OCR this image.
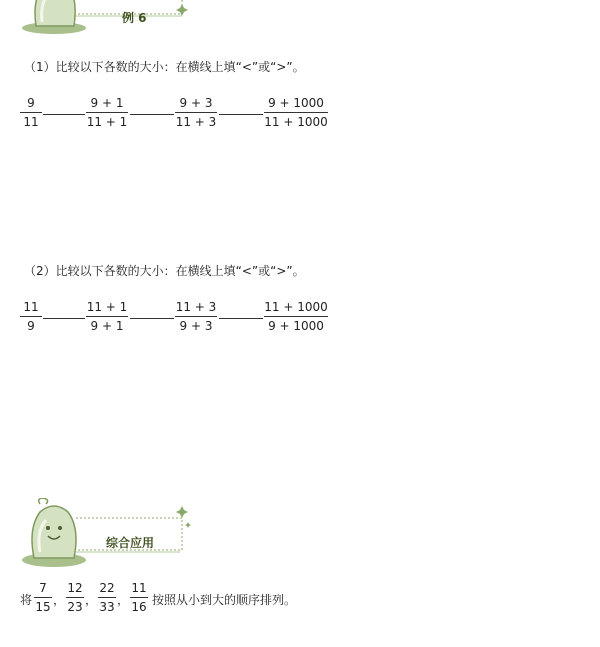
例 6
（1）比较以下各数的大小：在横线上填“<”或“>”。
9
11
9 + 1
11 + 1
9 + 3
11 + 3
9 + 1000
11 + 1000
（2）比较以下各数的大小：在横线上填“<”或“>”。
11
9
11 + 1
9 + 1
11 + 3
9 + 3
11 + 1000
9 + 1000
综合应用
将
7
15 ，
12
23 ，
22
33 ，
11
16 按照从小到大的顺序排列。
